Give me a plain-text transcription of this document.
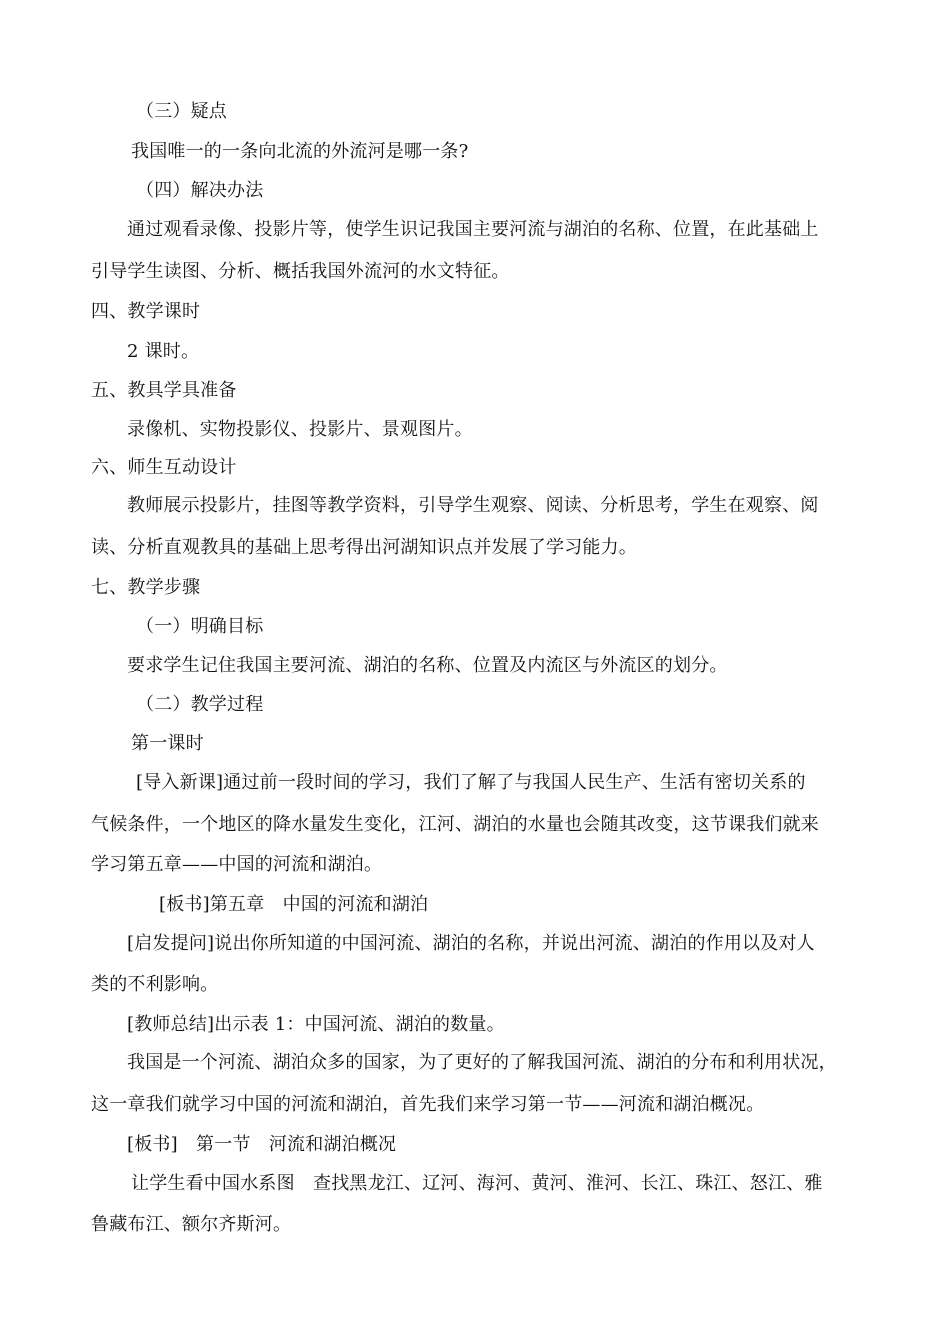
（三）疑点
我国唯一的一条向北流的外流河是哪一条?
（四）解决办法
通过观看录像、投影片等，使学生识记我国主要河流与湖泊的名称、位置，在此基础上
引导学生读图、分析、概括我国外流河的水文特征。
四、教学课时
2 课时。
五、教具学具准备
录像机、实物投影仪、投影片、景观图片。
六、师生互动设计
教师展示投影片，挂图等教学资料，引导学生观察、阅读、分析思考，学生在观察、阅
读、分析直观教具的基础上思考得出河湖知识点并发展了学习能力。
七、教学步骤
（一）明确目标
要求学生记住我国主要河流、湖泊的名称、位置及内流区与外流区的划分。
（二）教学过程
第一课时
[导入新课]通过前一段时间的学习，我们了解了与我国人民生产、生活有密切关系的
气候条件，一个地区的降水量发生变化，江河、湖泊的水量也会随其改变，这节课我们就来
学习第五章——中国的河流和湖泊。
[板书]第五章　中国的河流和湖泊
[启发提问]说出你所知道的中国河流、湖泊的名称，并说出河流、湖泊的作用以及对人
类的不利影响。
[教师总结]出示表 1：中国河流、湖泊的数量。
我国是一个河流、湖泊众多的国家，为了更好的了解我国河流、湖泊的分布和利用状况，
这一章我们就学习中国的河流和湖泊，首先我们来学习第一节——河流和湖泊概况。
[板书]　第一节　河流和湖泊概况
让学生看中国水系图　查找黑龙江、辽河、海河、黄河、淮河、长江、珠江、怒江、雅
鲁藏布江、额尔齐斯河。
